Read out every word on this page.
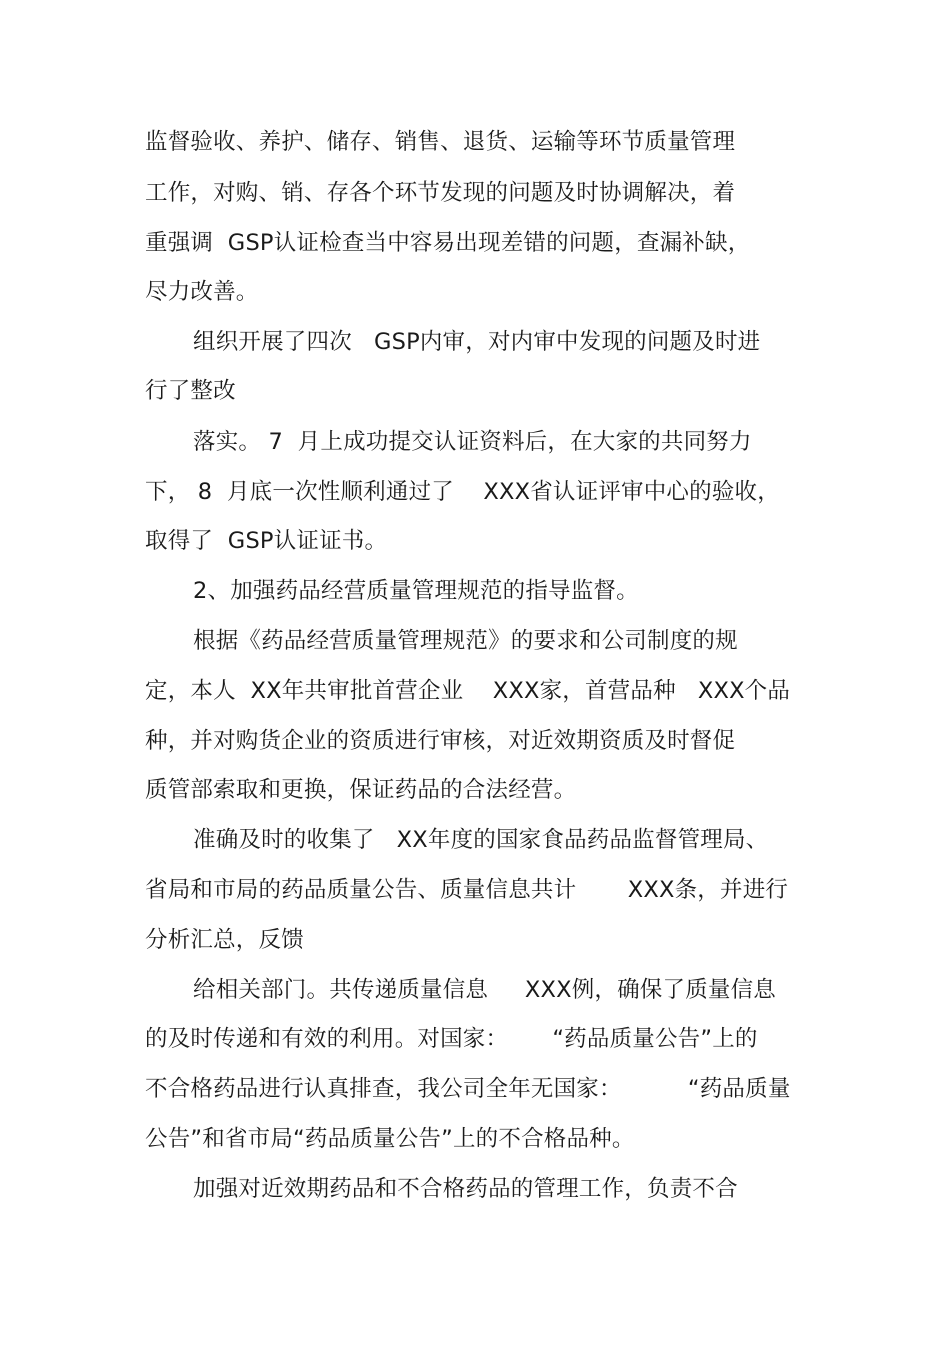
监督验收、养护、储存、销售、退货、运输等环节质量管理
工作，对购、销、存各个环节发现的问题及时协调解决，着
重强调  GSP认证检查当中容易出现差错的问题，查漏补缺，
尽力改善。
组织开展了四次   GSP内审，对内审中发现的问题及时进
行了整改
落实。 7  月上成功提交认证资料后，在大家的共同努力
下， 8  月底一次性顺利通过了    XXX省认证评审中心的验收，
取得了  GSP认证证书。
2、加强药品经营质量管理规范的指导监督。
根据《药品经营质量管理规范》的要求和公司制度的规
定，本人  XX年共审批首营企业    XXX家，首营品种   XXX个品
种，并对购货企业的资质进行审核，对近效期资质及时督促
质管部索取和更换，保证药品的合法经营。
准确及时的收集了   XX年度的国家食品药品监督管理局、
省局和市局的药品质量公告、质量信息共计       XXX条，并进行
分析汇总，反馈
给相关部门。共传递质量信息     XXX例，确保了质量信息
的及时传递和有效的利用。对国家：      “药品质量公告”上的
不合格药品进行认真排查，我公司全年无国家：         “药品质量
公告”和省市局“药品质量公告”上的不合格品种。
加强对近效期药品和不合格药品的管理工作，负责不合
